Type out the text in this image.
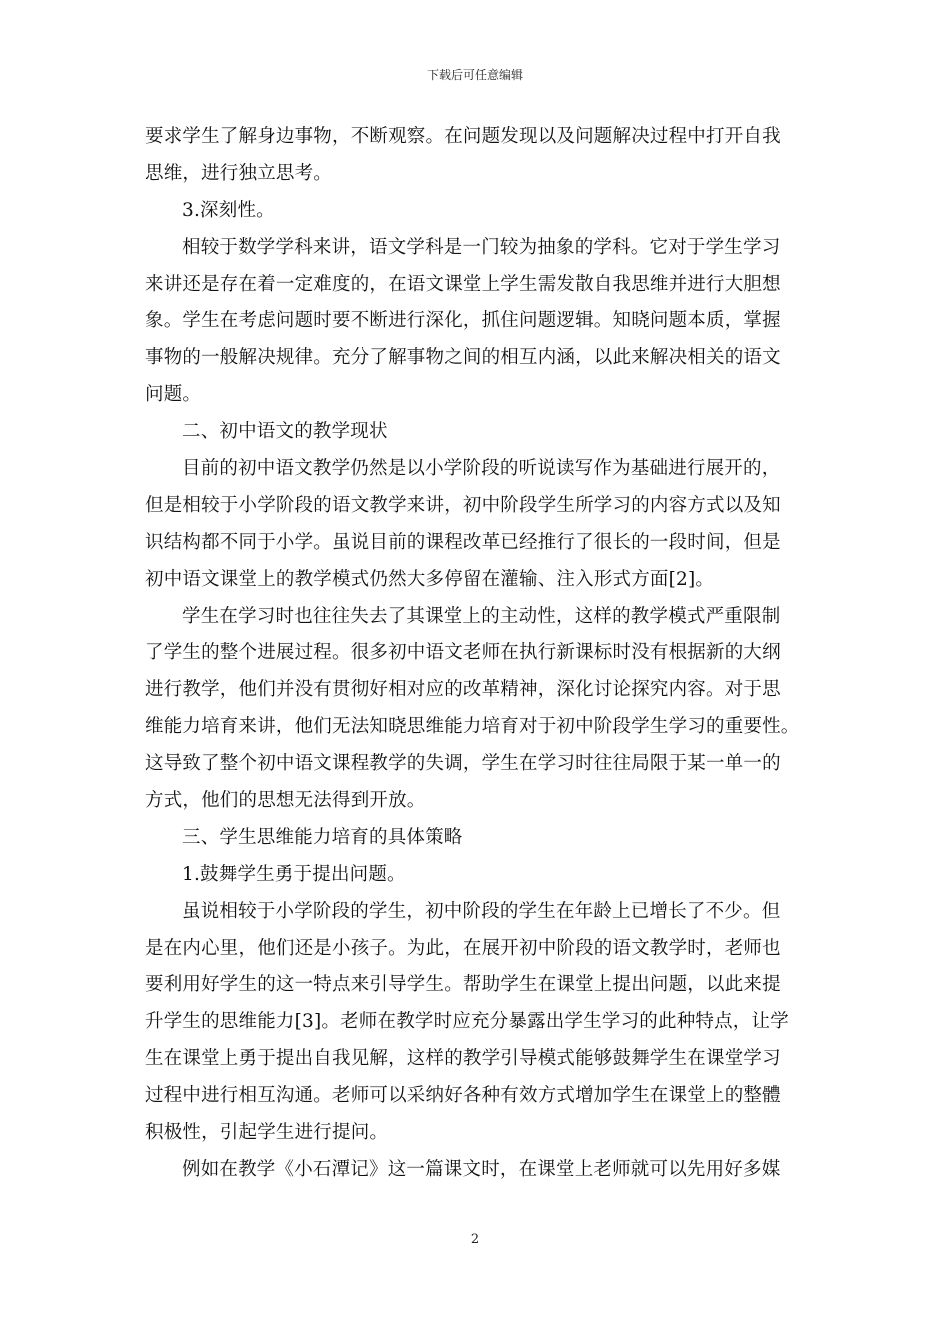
下载后可任意编辑
要求学生了解身边事物，不断观察。在问题发现以及问题解决过程中打开自我
思维，进行独立思考。
3.深刻性。
相较于数学学科来讲，语文学科是一门较为抽象的学科。它对于学生学习
来讲还是存在着一定难度的，在语文课堂上学生需发散自我思维并进行大胆想
象。学生在考虑问题时要不断进行深化，抓住问题逻辑。知晓问题本质，掌握
事物的一般解决规律。充分了解事物之间的相互内涵，以此来解决相关的语文
问题。
二、初中语文的教学现状
目前的初中语文教学仍然是以小学阶段的听说读写作为基础进行展开的，
但是相较于小学阶段的语文教学来讲，初中阶段学生所学习的内容方式以及知
识结构都不同于小学。虽说目前的课程改革已经推行了很长的一段时间，但是
初中语文课堂上的教学模式仍然大多停留在灌输、注入形式方面[2]。
学生在学习时也往往失去了其课堂上的主动性，这样的教学模式严重限制
了学生的整个进展过程。很多初中语文老师在执行新课标时没有根据新的大纲
进行教学，他们并没有贯彻好相对应的改革精神，深化讨论探究内容。对于思
维能力培育来讲，他们无法知晓思维能力培育对于初中阶段学生学习的重要性。
这导致了整个初中语文课程教学的失调，学生在学习时往往局限于某一单一的
方式，他们的思想无法得到开放。
三、学生思维能力培育的具体策略
1.鼓舞学生勇于提出问题。
虽说相较于小学阶段的学生，初中阶段的学生在年龄上已增长了不少。但
是在内心里，他们还是小孩子。为此，在展开初中阶段的语文教学时，老师也
要利用好学生的这一特点来引导学生。帮助学生在课堂上提出问题，以此来提
升学生的思维能力[3]。老师在教学时应充分暴露出学生学习的此种特点，让学
生在课堂上勇于提出自我见解，这样的教学引导模式能够鼓舞学生在课堂学习
过程中进行相互沟通。老师可以采纳好各种有效方式增加学生在课堂上的整體
积极性，引起学生进行提问。
例如在教学《小石潭记》这一篇课文时，在课堂上老师就可以先用好多媒
2
